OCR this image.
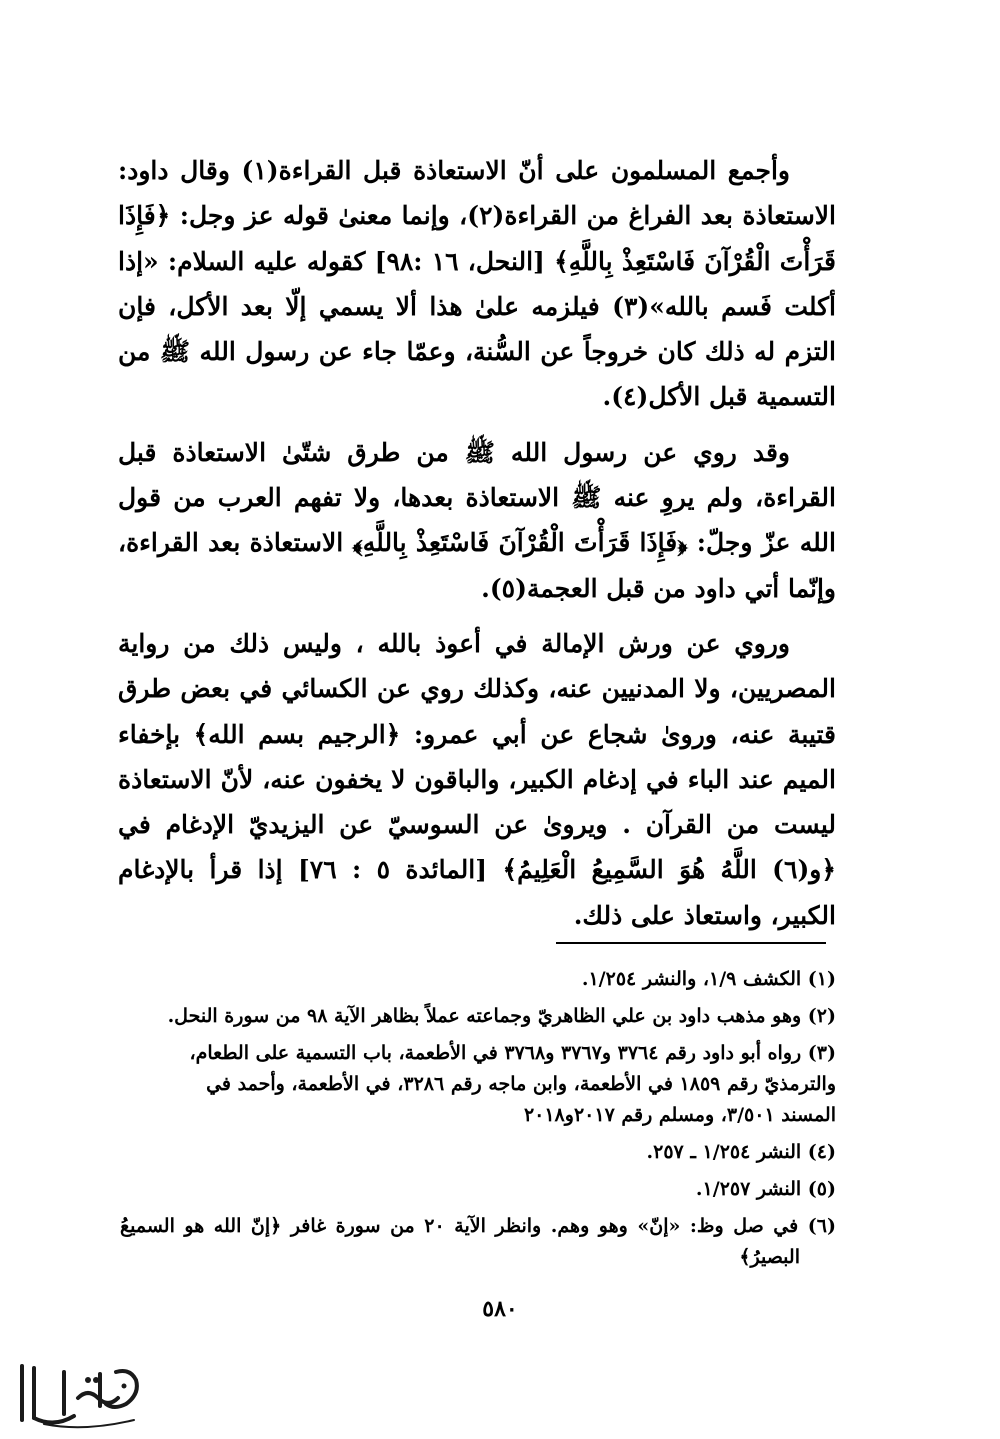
وأجمع المسلمون على أنّ الاستعاذة قبل القراءة(١) وقال داود: الاستعاذة بعد الفراغ من القراءة(٢)، وإنما معنىٰ قوله عز وجل: ﴿فَإِذَا قَرَأْتَ الْقُرْآنَ فَاسْتَعِذْ بِاللَّهِ﴾ [النحل، ١٦ :٩٨] كقوله عليه السلام: «إذا أكلت فَسم بالله»(٣) فيلزمه علىٰ هذا ألا يسمي إلّا بعد الأكل، فإن التزم له ذلك كان خروجاً عن السُّنة، وعمّا جاء عن رسول الله ﷺ من التسمية قبل الأكل(٤).

وقد روي عن رسول الله ﷺ من طرق شتّىٰ الاستعاذة قبل القراءة، ولم يروِ عنه ﷺ الاستعاذة بعدها، ولا تفهم العرب من قول الله عزّ وجلّ: ﴿فَإِذَا قَرَأْتَ الْقُرْآنَ فَاسْتَعِذْ بِاللَّهِ﴾ الاستعاذة بعد القراءة، وإنّما أتي داود من قبل العجمة(٥).

وروي عن ورش الإمالة في أعوذ بالله ، وليس ذلك من رواية المصريين، ولا المدنيين عنه، وكذلك روي عن الكسائي في بعض طرق قتيبة عنه، وروىٰ شجاع عن أبي عمرو: ﴿الرجيم بسم الله﴾ بإخفاء الميم عند الباء في إدغام الكبير، والباقون لا يخفون عنه، لأنّ الاستعاذة ليست من القرآن . ويروىٰ عن السوسيّ عن اليزيديّ الإدغام في ﴿و(٦) اللَّهُ هُوَ السَّمِيعُ الْعَلِيمُ﴾ [المائدة ٥ : ٧٦] إذا قرأ بالإدغام الكبير، واستعاذ على ذلك.

(١) الكشف ١/٩، والنشر ١/٢٥٤.
(٢) وهو مذهب داود بن علي الظاهريّ وجماعته عملاً بظاهر الآية ٩٨ من سورة النحل.
(٣) رواه أبو داود رقم ٣٧٦٤ و٣٧٦٧ و٣٧٦٨ في الأطعمة، باب التسمية على الطعام،
والترمذيّ رقم ١٨٥٩ في الأطعمة، وابن ماجه رقم ٣٢٨٦، في الأطعمة، وأحمد في
المسند ٣/٥٠١، ومسلم رقم ٢٠١٧و٢٠١٨
(٤) النشر ١/٢٥٤ ـ ٢٥٧.
(٥) النشر ١/٢٥٧.
(٦) في صل وظ: «إنّ» وهو وهم. وانظر الآية ٢٠ من سورة غافر ﴿إنّ الله هو السميعُ البصيرُ﴾
٥٨٠
